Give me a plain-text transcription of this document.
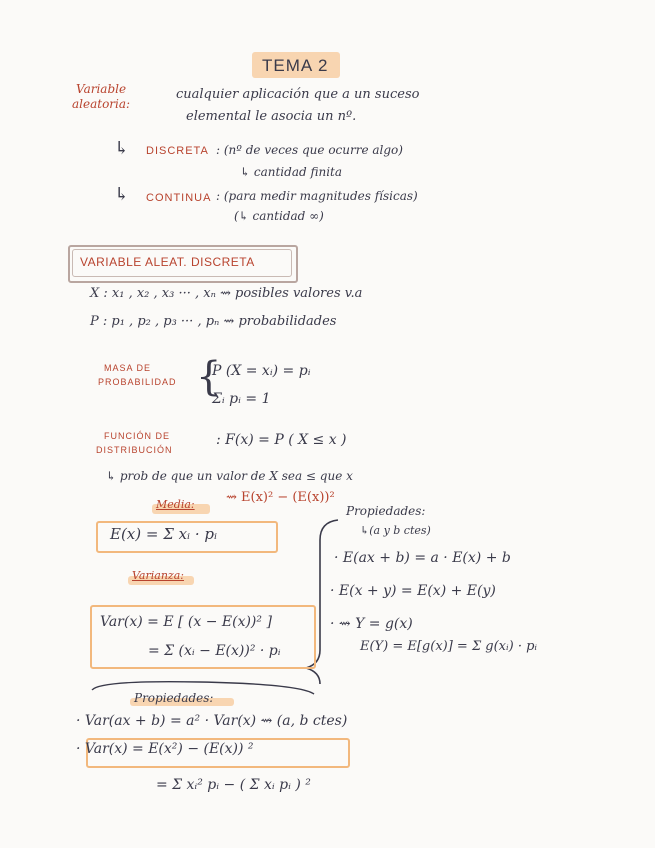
TEMA 2
Variable
aleatoria:
cualquier aplicación que a un suceso
elemental le asocia un nº.
↳ DISCRETA : (nº de veces que ocurre algo)
↳ cantidad finita
↳ CONTINUA : (para medir magnitudes físicas)
(↳ cantidad ∞)
VARIABLE ALEAT. DISCRETA
X : x₁ , x₂ , x₃ ··· , xₙ ⇝ posibles valores v.a
P : p₁ , p₂ , p₃ ··· , pₙ ⇝ probabilidades
MASA DE
PROBABILIDAD {
P (X = xᵢ) = pᵢ
Σᵢ pᵢ = 1
FUNCIÓN DE
DISTRIBUCIÓN
: F(x) = P ( X ≤ x )
↳ prob de que un valor de X sea ≤ que x
Media: ⇝ E(x)² − (E(x))²
E(x) = Σ xᵢ · pᵢ
Propiedades:
↳(a y b ctes)
· E(ax + b) = a · E(x) + b
· E(x + y) = E(x) + E(y)
· ⇝ Y = g(x)
E(Y) = E[g(x)] = Σ g(xᵢ) · pᵢ
Varianza:
Var(x) = E [ (x − E(x))² ]
= Σ (xᵢ − E(x))² · pᵢ
Propiedades:
· Var(ax + b) = a² · Var(x) ⇝ (a, b ctes)
· Var(x) = E(x²) − (E(x)) ²
= Σ xᵢ² pᵢ − ( Σ xᵢ pᵢ ) ²
